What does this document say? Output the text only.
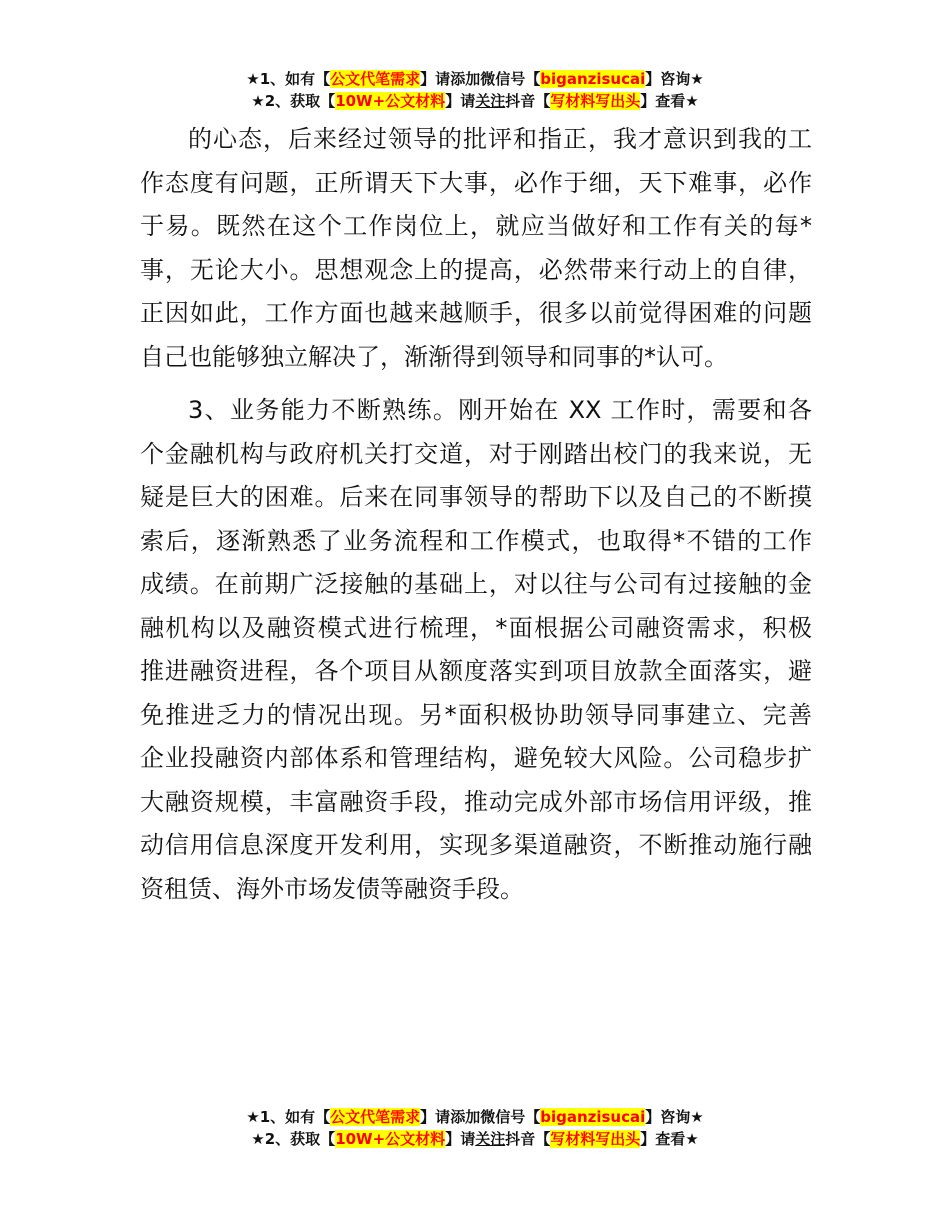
★1、如有【公文代笔需求】请添加微信号【biganzisucai】咨询★
★2、获取【10W+公文材料】请关注抖音【写材料写出头】查看★
的心态，后来经过领导的批评和指正，我才意识到我的工
作态度有问题，正所谓天下大事，必作于细，天下难事，必作
于易。既然在这个工作岗位上，就应当做好和工作有关的每*
事，无论大小。思想观念上的提高，必然带来行动上的自律，
正因如此，工作方面也越来越顺手，很多以前觉得困难的问题
自己也能够独立解决了，渐渐得到领导和同事的*认可。
3、业务能力不断熟练。刚开始在 XX 工作时，需要和各
个金融机构与政府机关打交道，对于刚踏出校门的我来说，无
疑是巨大的困难。后来在同事领导的帮助下以及自己的不断摸
索后，逐渐熟悉了业务流程和工作模式，也取得*不错的工作
成绩。在前期广泛接触的基础上，对以往与公司有过接触的金
融机构以及融资模式进行梳理，*面根据公司融资需求，积极
推进融资进程，各个项目从额度落实到项目放款全面落实，避
免推进乏力的情况出现。另*面积极协助领导同事建立、完善
企业投融资内部体系和管理结构，避免较大风险。公司稳步扩
大融资规模，丰富融资手段，推动完成外部市场信用评级，推
动信用信息深度开发利用，实现多渠道融资，不断推动施行融
资租赁、海外市场发债等融资手段。
★1、如有【公文代笔需求】请添加微信号【biganzisucai】咨询★
★2、获取【10W+公文材料】请关注抖音【写材料写出头】查看★
